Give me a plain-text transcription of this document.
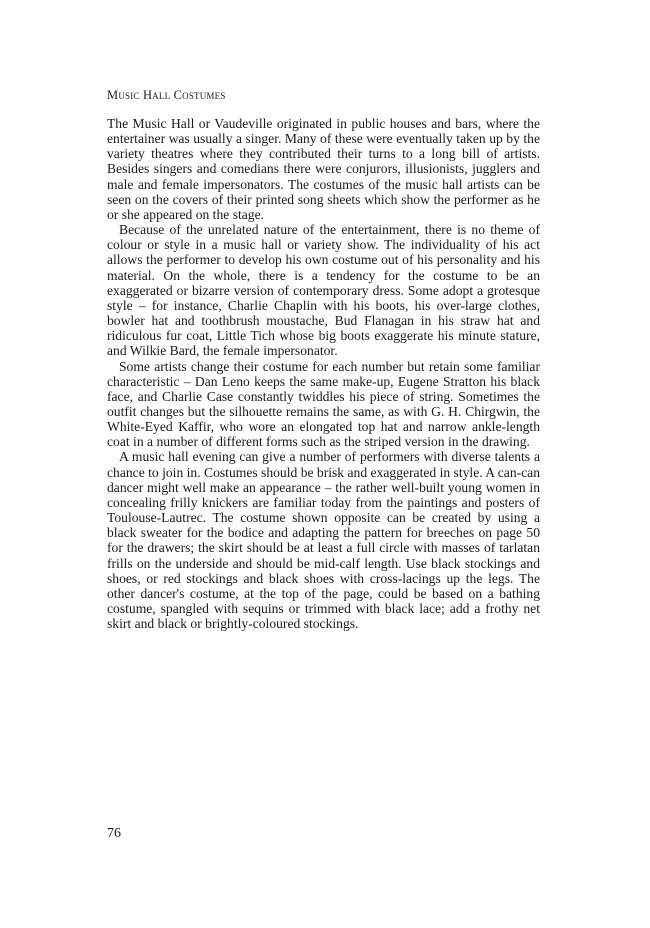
Music Hall Costumes

The Music Hall or Vaudeville originated in public houses and bars, where the entertainer was usually a singer. Many of these were eventually taken up by the variety theatres where they contributed their turns to a long bill of artists. Besides singers and comedians there were conjurors, illusionists, jugglers and male and female impersonators. The costumes of the music hall artists can be seen on the covers of their printed song sheets which show the performer as he or she appeared on the stage.

Because of the unrelated nature of the entertainment, there is no theme of colour or style in a music hall or variety show. The individuality of his act allows the performer to develop his own costume out of his personality and his material. On the whole, there is a tendency for the costume to be an exaggerated or bizarre version of contemporary dress. Some adopt a grotesque style – for instance, Charlie Chaplin with his boots, his over-large clothes, bowler hat and toothbrush moustache, Bud Flanagan in his straw hat and ridiculous fur coat, Little Tich whose big boots exaggerate his minute stature, and Wilkie Bard, the female impersonator.

Some artists change their costume for each number but retain some familiar characteristic – Dan Leno keeps the same make-up, Eugene Stratton his black face, and Charlie Case constantly twiddles his piece of string. Sometimes the outfit changes but the silhouette remains the same, as with G. H. Chirgwin, the White-Eyed Kaffir, who wore an elongated top hat and narrow ankle-length coat in a number of different forms such as the striped version in the drawing.

A music hall evening can give a number of performers with diverse talents a chance to join in. Costumes should be brisk and exaggerated in style. A can-can dancer might well make an appearance – the rather well-built young women in concealing frilly knickers are familiar today from the paintings and posters of Toulouse-Lautrec. The costume shown opposite can be created by using a black sweater for the bodice and adapting the pattern for breeches on page 50 for the drawers; the skirt should be at least a full circle with masses of tarlatan frills on the underside and should be mid-calf length. Use black stockings and shoes, or red stockings and black shoes with cross-lacings up the legs. The other dancer's costume, at the top of the page, could be based on a bathing costume, spangled with sequins or trimmed with black lace; add a frothy net skirt and black or brightly-coloured stockings.

76
